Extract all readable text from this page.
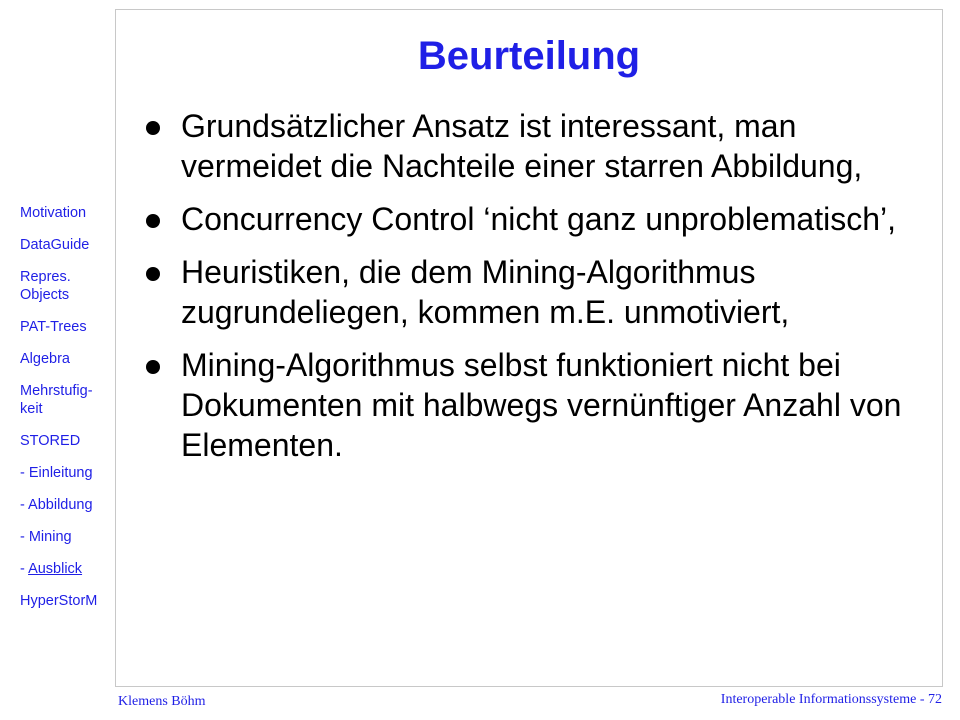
Beurteilung
Grundsätzlicher Ansatz ist interessant, man vermeidet die Nachteile einer starren Abbildung,
Concurrency Control ‘nicht ganz unproblematisch’,
Heuristiken, die dem Mining-Algorithmus zugrundeliegen, kommen m.E. unmotiviert,
Mining-Algorithmus selbst funktioniert nicht bei Dokumenten mit halbwegs vernünftiger Anzahl von Elementen.
Motivation
DataGuide
Repres.
Objects
PAT-Trees
Algebra
Mehrstufig-
keit
STORED
- Einleitung
- Abbildung
- Mining
- Ausblick
HyperStorM
Klemens Böhm	Interoperable Informationssysteme - 72
